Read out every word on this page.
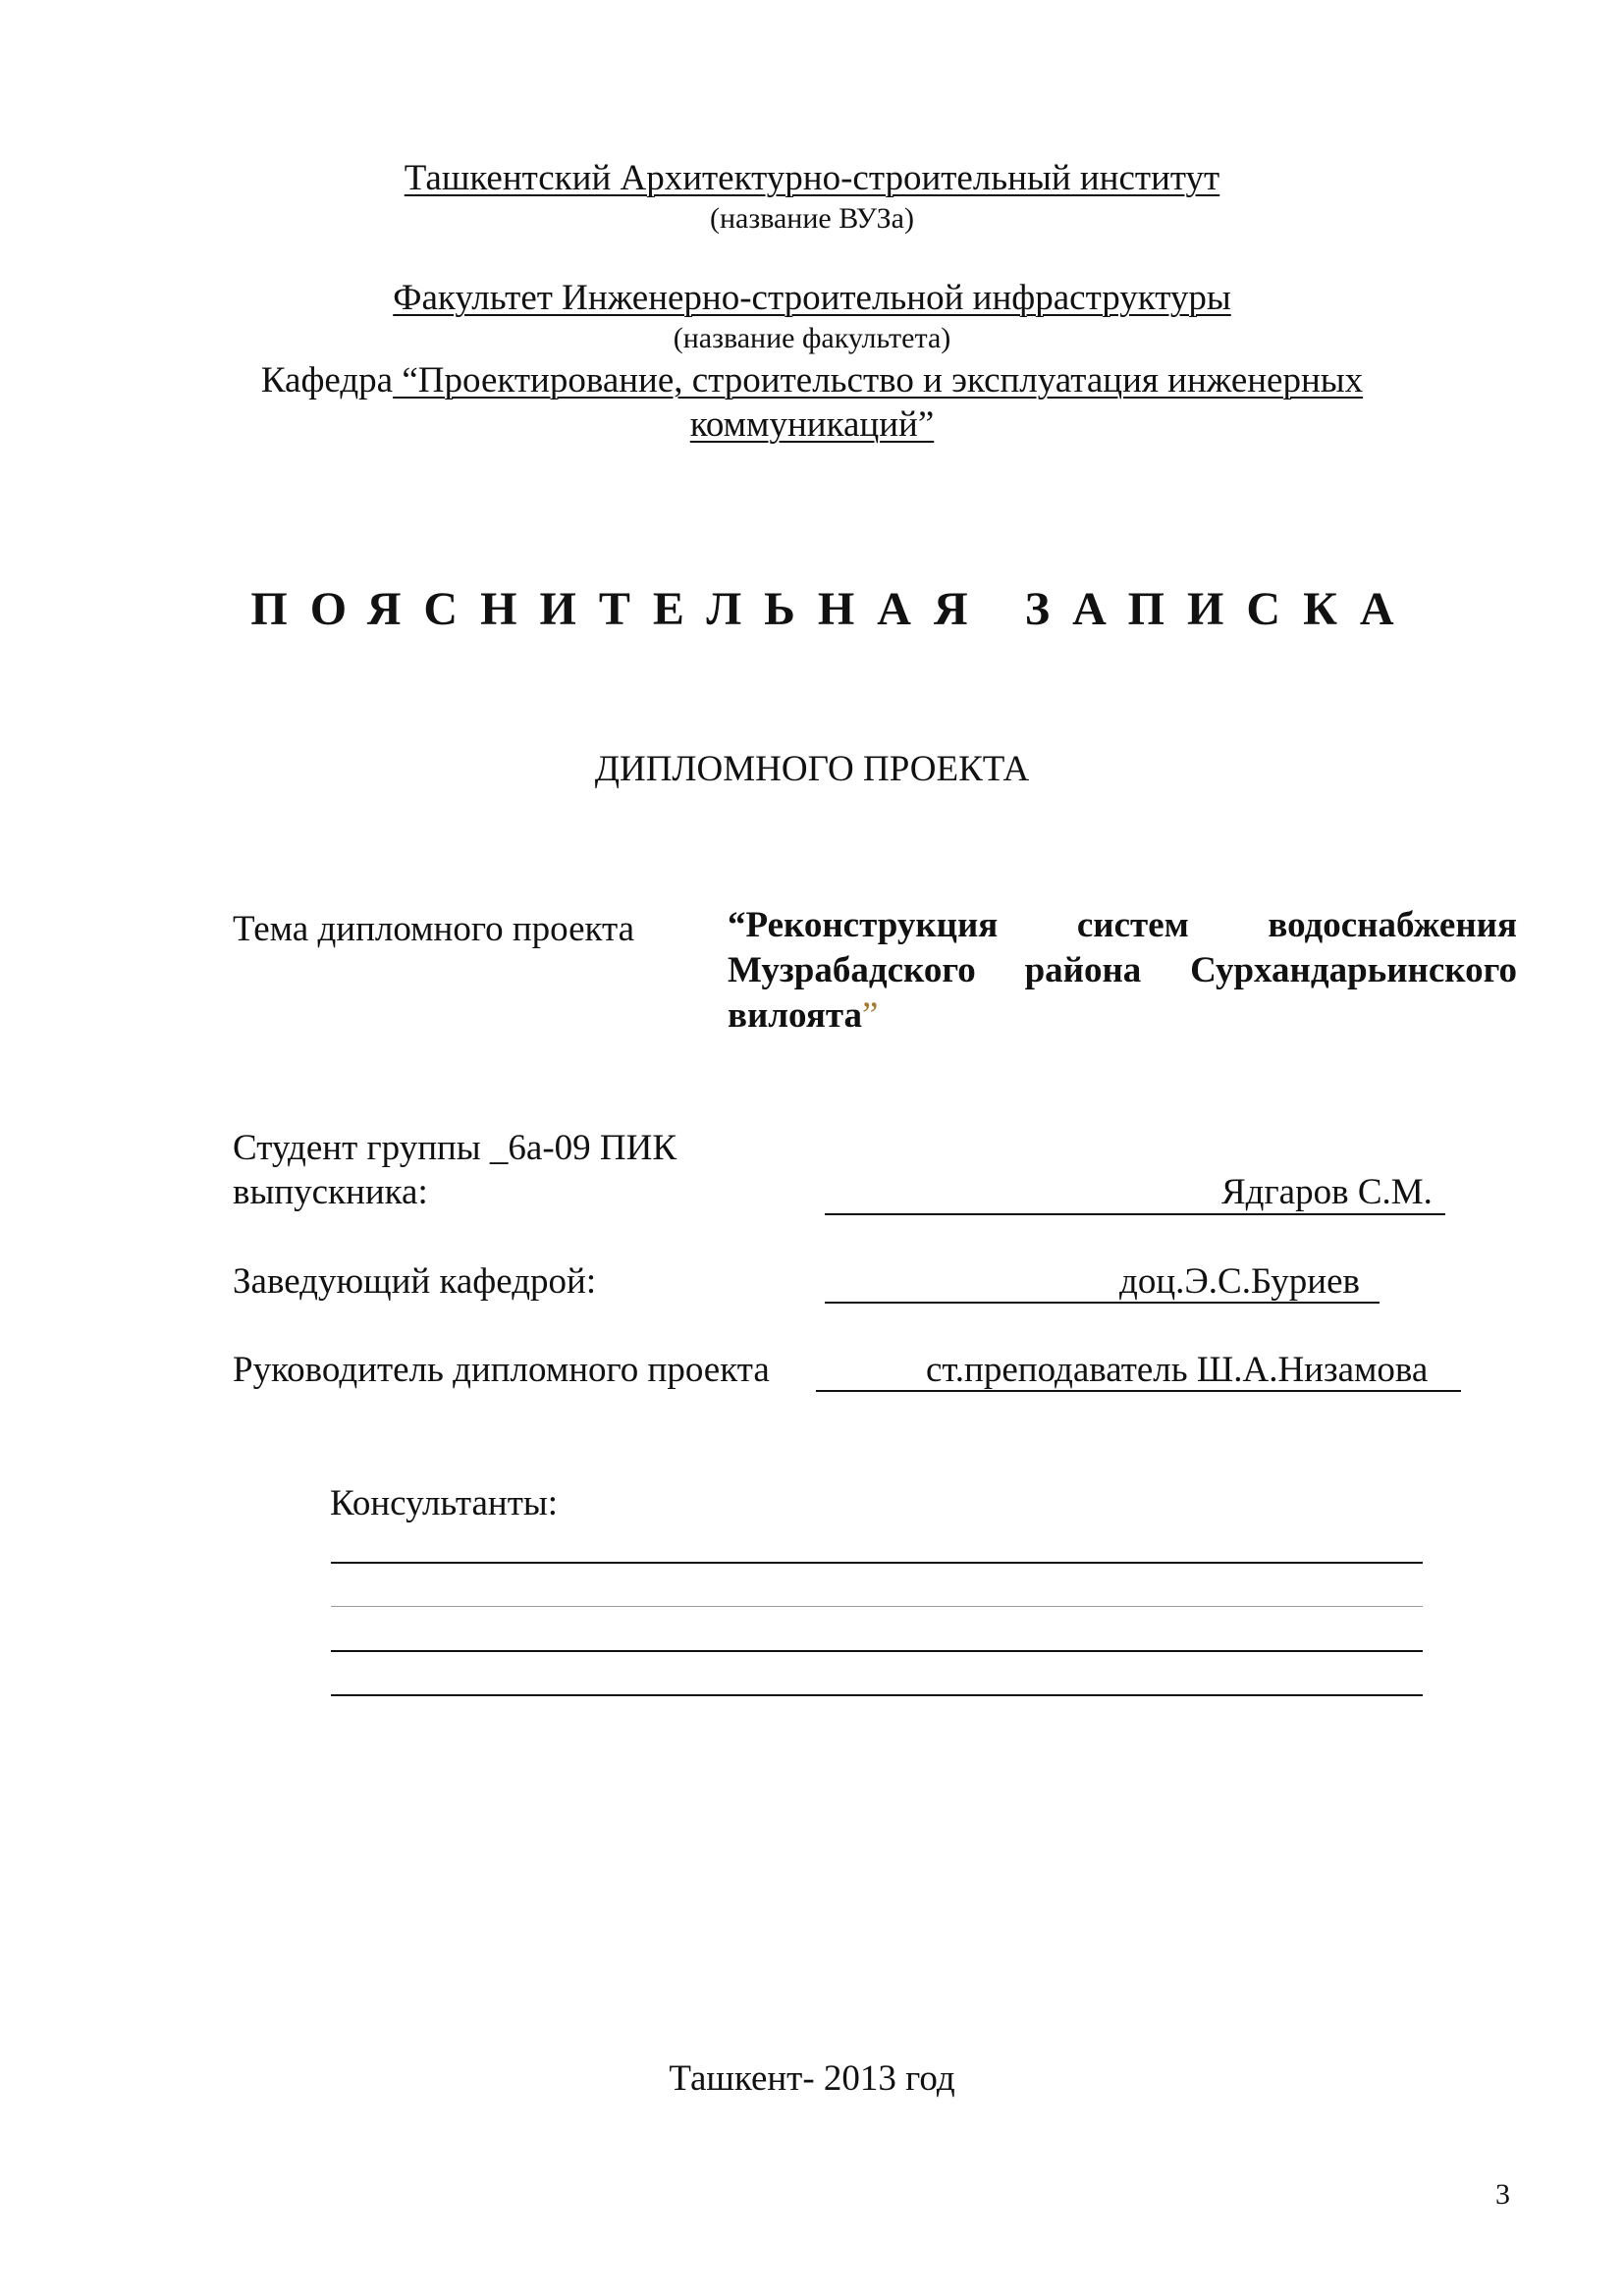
Ташкентский Архитектурно-строительный институт
(название ВУЗа)
Факультет Инженерно-строительной инфраструктуры
(название факультета)
Кафедра “Проектирование, строительство и эксплуатация инженерных
коммуникаций”
ПОЯСНИТЕЛЬНАЯ ЗАПИСКА
ДИПЛОМНОГО ПРОЕКТА
Тема дипломного проекта	“Реконструкция систем водоснабжения Музрабадского района Сурхандарьинского вилоята”
Студент группы _6а-09 ПИК
выпускника:	Ядгаров С.М.
Заведующий кафедрой:	доц.Э.С.Буриев
Руководитель дипломного проекта	ст.преподаватель Ш.А.Низамова
Консультанты:
Ташкент- 2013 год
3
